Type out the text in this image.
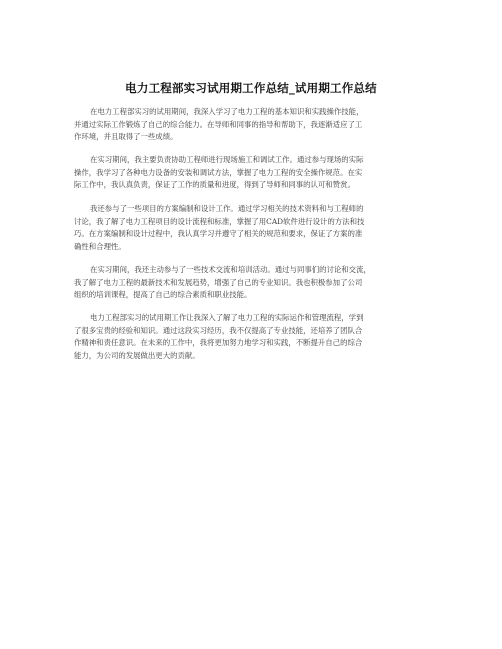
电力工程部实习试用期工作总结_试用期工作总结
在电力工程部实习的试用期间，我深入学习了电力工程的基本知识和实践操作技能，
并通过实际工作锻炼了自己的综合能力。在导师和同事的指导和帮助下，我逐渐适应了工
作环境，并且取得了一些成绩。
在实习期间，我主要负责协助工程师进行现场施工和调试工作。通过参与现场的实际
操作，我学习了各种电力设备的安装和调试方法，掌握了电力工程的安全操作规范。在实
际工作中，我认真负责，保证了工作的质量和进度，得到了导师和同事的认可和赞赏。
我还参与了一些项目的方案编制和设计工作。通过学习相关的技术资料和与工程师的
讨论，我了解了电力工程项目的设计流程和标准，掌握了用CAD软件进行设计的方法和技
巧。在方案编制和设计过程中，我认真学习并遵守了相关的规范和要求，保证了方案的准
确性和合理性。
在实习期间，我还主动参与了一些技术交流和培训活动。通过与同事们的讨论和交流，
我了解了电力工程的最新技术和发展趋势，增强了自己的专业知识。我也积极参加了公司
组织的培训课程，提高了自己的综合素质和职业技能。
电力工程部实习的试用期工作让我深入了解了电力工程的实际运作和管理流程，学到
了很多宝贵的经验和知识。通过这段实习经历，我不仅提高了专业技能，还培养了团队合
作精神和责任意识。在未来的工作中，我将更加努力地学习和实践，不断提升自己的综合
能力，为公司的发展做出更大的贡献。
